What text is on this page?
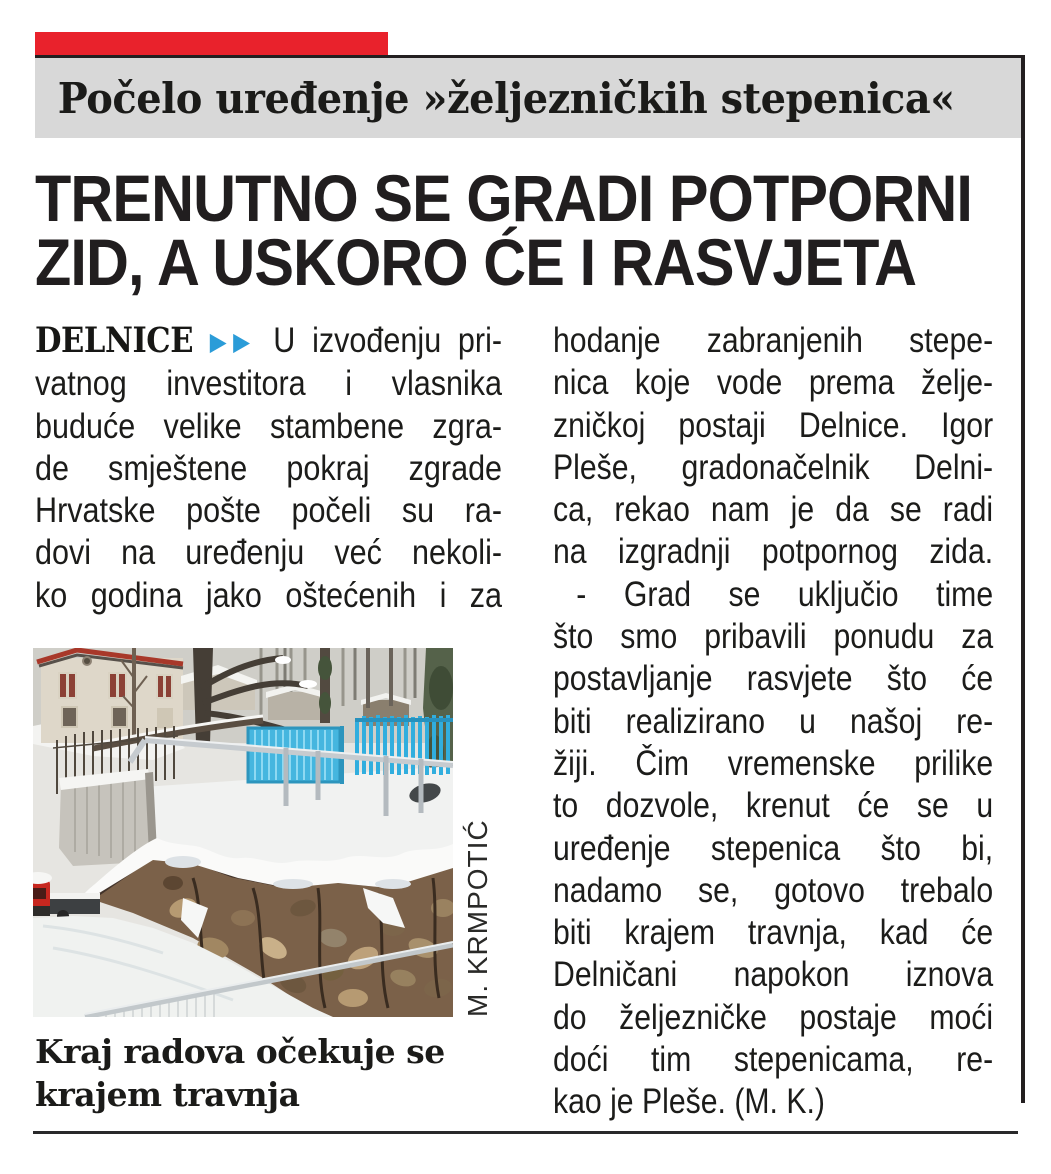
Počelo uređenje »željezničkih stepenica«
TRENUTNO SE GRADI POTPORNI
ZID, A USKORO ĆE I RASVJETA
DELNICE ▶▶ U izvođenju pri-
vatnog investitora i vlasnika
buduće velike stambene zgra-
de smještene pokraj zgrade
Hrvatske pošte počeli su ra-
dovi na uređenju već nekoli-
ko godina jako oštećenih i za
hodanje zabranjenih stepe-
nica koje vode prema želje-
zničkoj postaji Delnice. Igor
Pleše, gradonačelnik Delni-
ca, rekao nam je da se radi
na izgradnji potpornog zida.
- Grad se uključio time
što smo pribavili ponudu za
postavljanje rasvjete što će
biti realizirano u našoj re-
žiji. Čim vremenske prilike
to dozvole, krenut će se u
uređenje stepenica što bi,
nadamo se, gotovo trebalo
biti krajem travnja, kad će
Delničani napokon iznova
do željezničke postaje moći
doći tim stepenicama, re-
kao je Pleše. (M. K.)
M. KRMPOTIĆ
Kraj radova očekuje se
krajem travnja
